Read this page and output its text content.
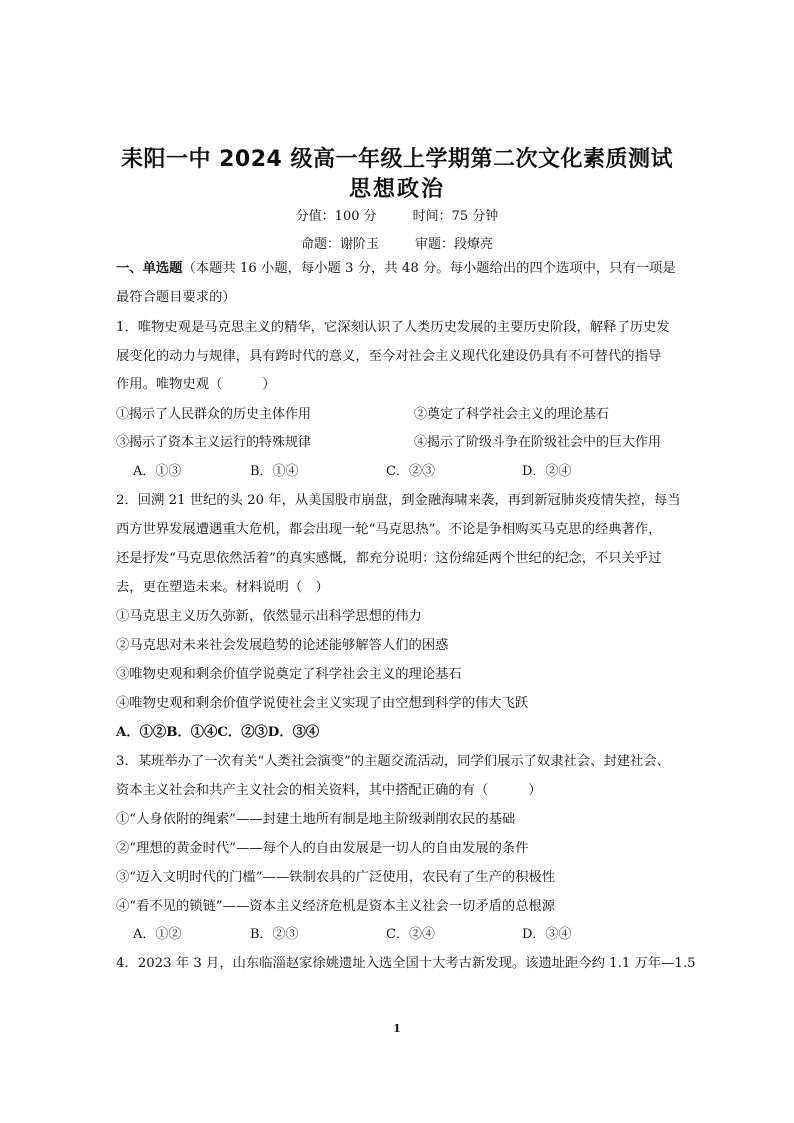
耒阳一中 2024 级高一年级上学期第二次文化素质测试
思想政治
分值：100 分	时间：75 分钟
命题：谢阶玉	审题：段燎亮
一、单选题（本题共 16 小题，每小题 3 分，共 48 分。每小题给出的四个选项中，只有一项是
最符合题目要求的）
1．唯物史观是马克思主义的精华，它深刻认识了人类历史发展的主要历史阶段，解释了历史发
展变化的动力与规律，具有跨时代的意义，至今对社会主义现代化建设仍具有不可替代的指导
作用。唯物史观（　　　）
①揭示了人民群众的历史主体作用	②奠定了科学社会主义的理论基石
③揭示了资本主义运行的特殊规律	④揭示了阶级斗争在阶级社会中的巨大作用
A．①③	B．①④	C．②③	D．②④
2．回溯 21 世纪的头 20 年，从美国股市崩盘，到金融海啸来袭，再到新冠肺炎疫情失控，每当
西方世界发展遭遇重大危机，都会出现一轮“马克思热”。不论是争相购买马克思的经典著作，
还是抒发“马克思依然活着”的真实感慨，都充分说明：这份绵延两个世纪的纪念，不只关乎过
去，更在塑造未来。材料说明（　）
①马克思主义历久弥新，依然显示出科学思想的伟力
②马克思对未来社会发展趋势的论述能够解答人们的困惑
③唯物史观和剩余价值学说奠定了科学社会主义的理论基石
④唯物史观和剩余价值学说使社会主义实现了由空想到科学的伟大飞跃
A．①②B．①④C．②③D．③④
3．某班举办了一次有关“人类社会演变”的主题交流活动，同学们展示了奴隶社会、封建社会、
资本主义社会和共产主义社会的相关资料，其中搭配正确的有（　　　）
①“人身依附的绳索”——封建土地所有制是地主阶级剥削农民的基础
②“理想的黄金时代”——每个人的自由发展是一切人的自由发展的条件
③“迈入文明时代的门槛”——铁制农具的广泛使用，农民有了生产的积极性
④“看不见的锁链”——资本主义经济危机是资本主义社会一切矛盾的总根源
A．①②	B．②③	C．②④	D．③④
4．2023 年 3 月，山东临淄赵家徐姚遗址入选全国十大考古新发现。该遗址距今约 1.1 万年—1.5
1
